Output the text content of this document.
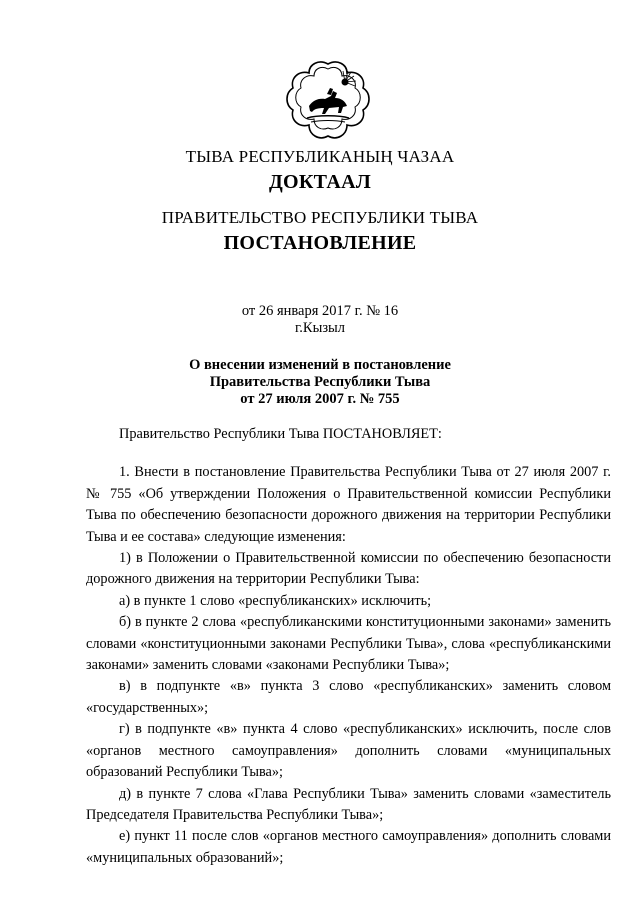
ТЫВА РЕСПУБЛИКАНЫҢ ЧАЗАА
ДОКТААЛ
ПРАВИТЕЛЬСТВО РЕСПУБЛИКИ ТЫВА
ПОСТАНОВЛЕНИЕ
от 26 января 2017 г. № 16
г.Кызыл
О внесении изменений в постановление
Правительства Республики Тыва
от 27 июля 2007 г. № 755

Правительство Республики Тыва ПОСТАНОВЛЯЕТ:

1. Внести в постановление Правительства Республики Тыва от 27 июля 2007 г. № 755 «Об утверждении Положения о Правительственной комиссии Республики Тыва по обеспечению безопасности дорожного движения на территории Республики Тыва и ее состава» следующие изменения:

1) в Положении о Правительственной комиссии по обеспечению безопасности дорожного движения на территории Республики Тыва:

а) в пункте 1 слово «республиканских» исключить;

б) в пункте 2 слова «республиканскими конституционными законами» заменить словами «конституционными законами Республики Тыва», слова «республиканскими законами» заменить словами «законами Республики Тыва»;

в) в подпункте «в» пункта 3 слово «республиканских» заменить словом «государственных»;

г) в подпункте «в» пункта 4 слово «республиканских» исключить, после слов «органов местного самоуправления» дополнить словами «муниципальных образований Республики Тыва»;

д) в пункте 7 слова «Глава Республики Тыва» заменить словами «заместитель Председателя Правительства Республики Тыва»;

е) пункт 11 после слов «органов местного самоуправления» дополнить словами «муниципальных образований»;
